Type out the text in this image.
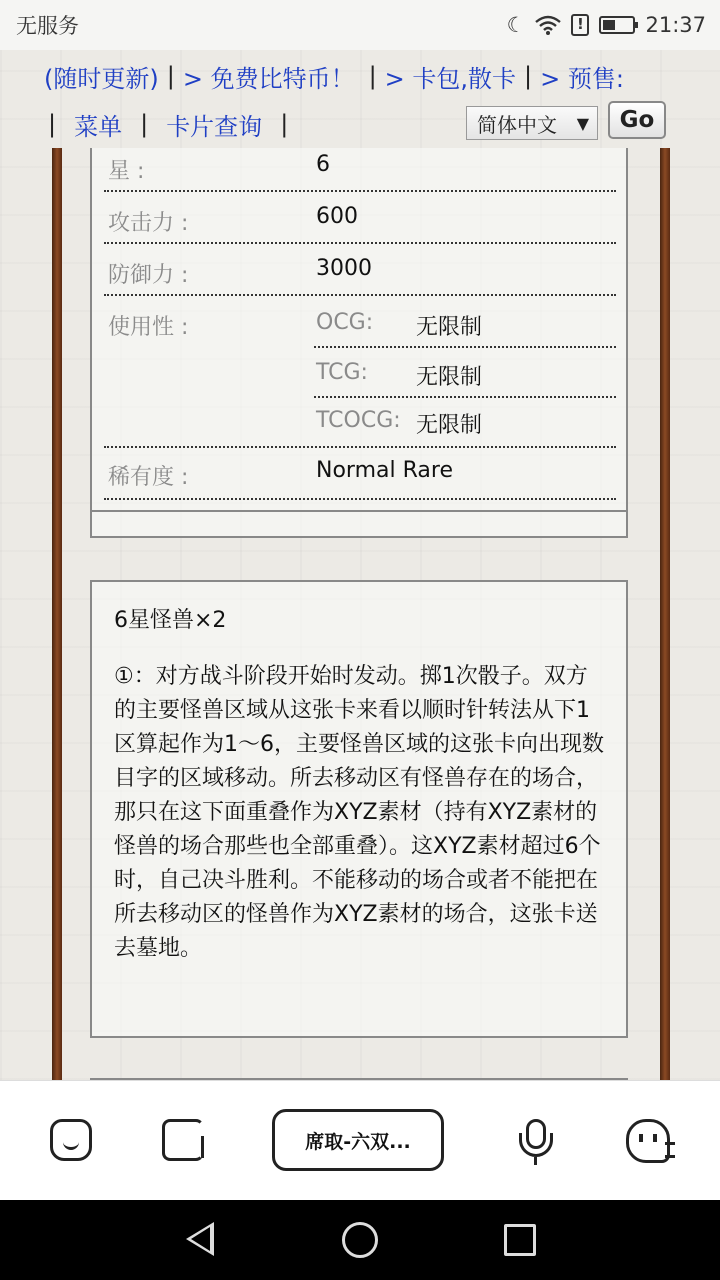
无服务	☾	!	21:37
(随时更新) | > 免费比特币！ | > 卡包,散卡 | > 预售:
| 菜单 | 卡片查询 |	简体中文 ▼	Go
星 :	6
攻击力 :	600
防御力 :	3000
使用性 :	OCG: 无限制
TCG: 无限制
TCOCG: 无限制
稀有度 :	Normal Rare

6星怪兽×2

①：对方战斗阶段开始时发动。掷1次骰子。双方的主要怪兽区域从这张卡来看以顺时针转法从下1区算起作为1～6，主要怪兽区域的这张卡向出现数目字的区域移动。所去移动区有怪兽存在的场合，那只在这下面重叠作为XYZ素材（持有XYZ素材的怪兽的场合那些也全部重叠）。这XYZ素材超过6个时，自己决斗胜利。不能移动的场合或者不能把在所去移动区的怪兽作为XYZ素材的场合，这张卡送去墓地。

席取-六双...
